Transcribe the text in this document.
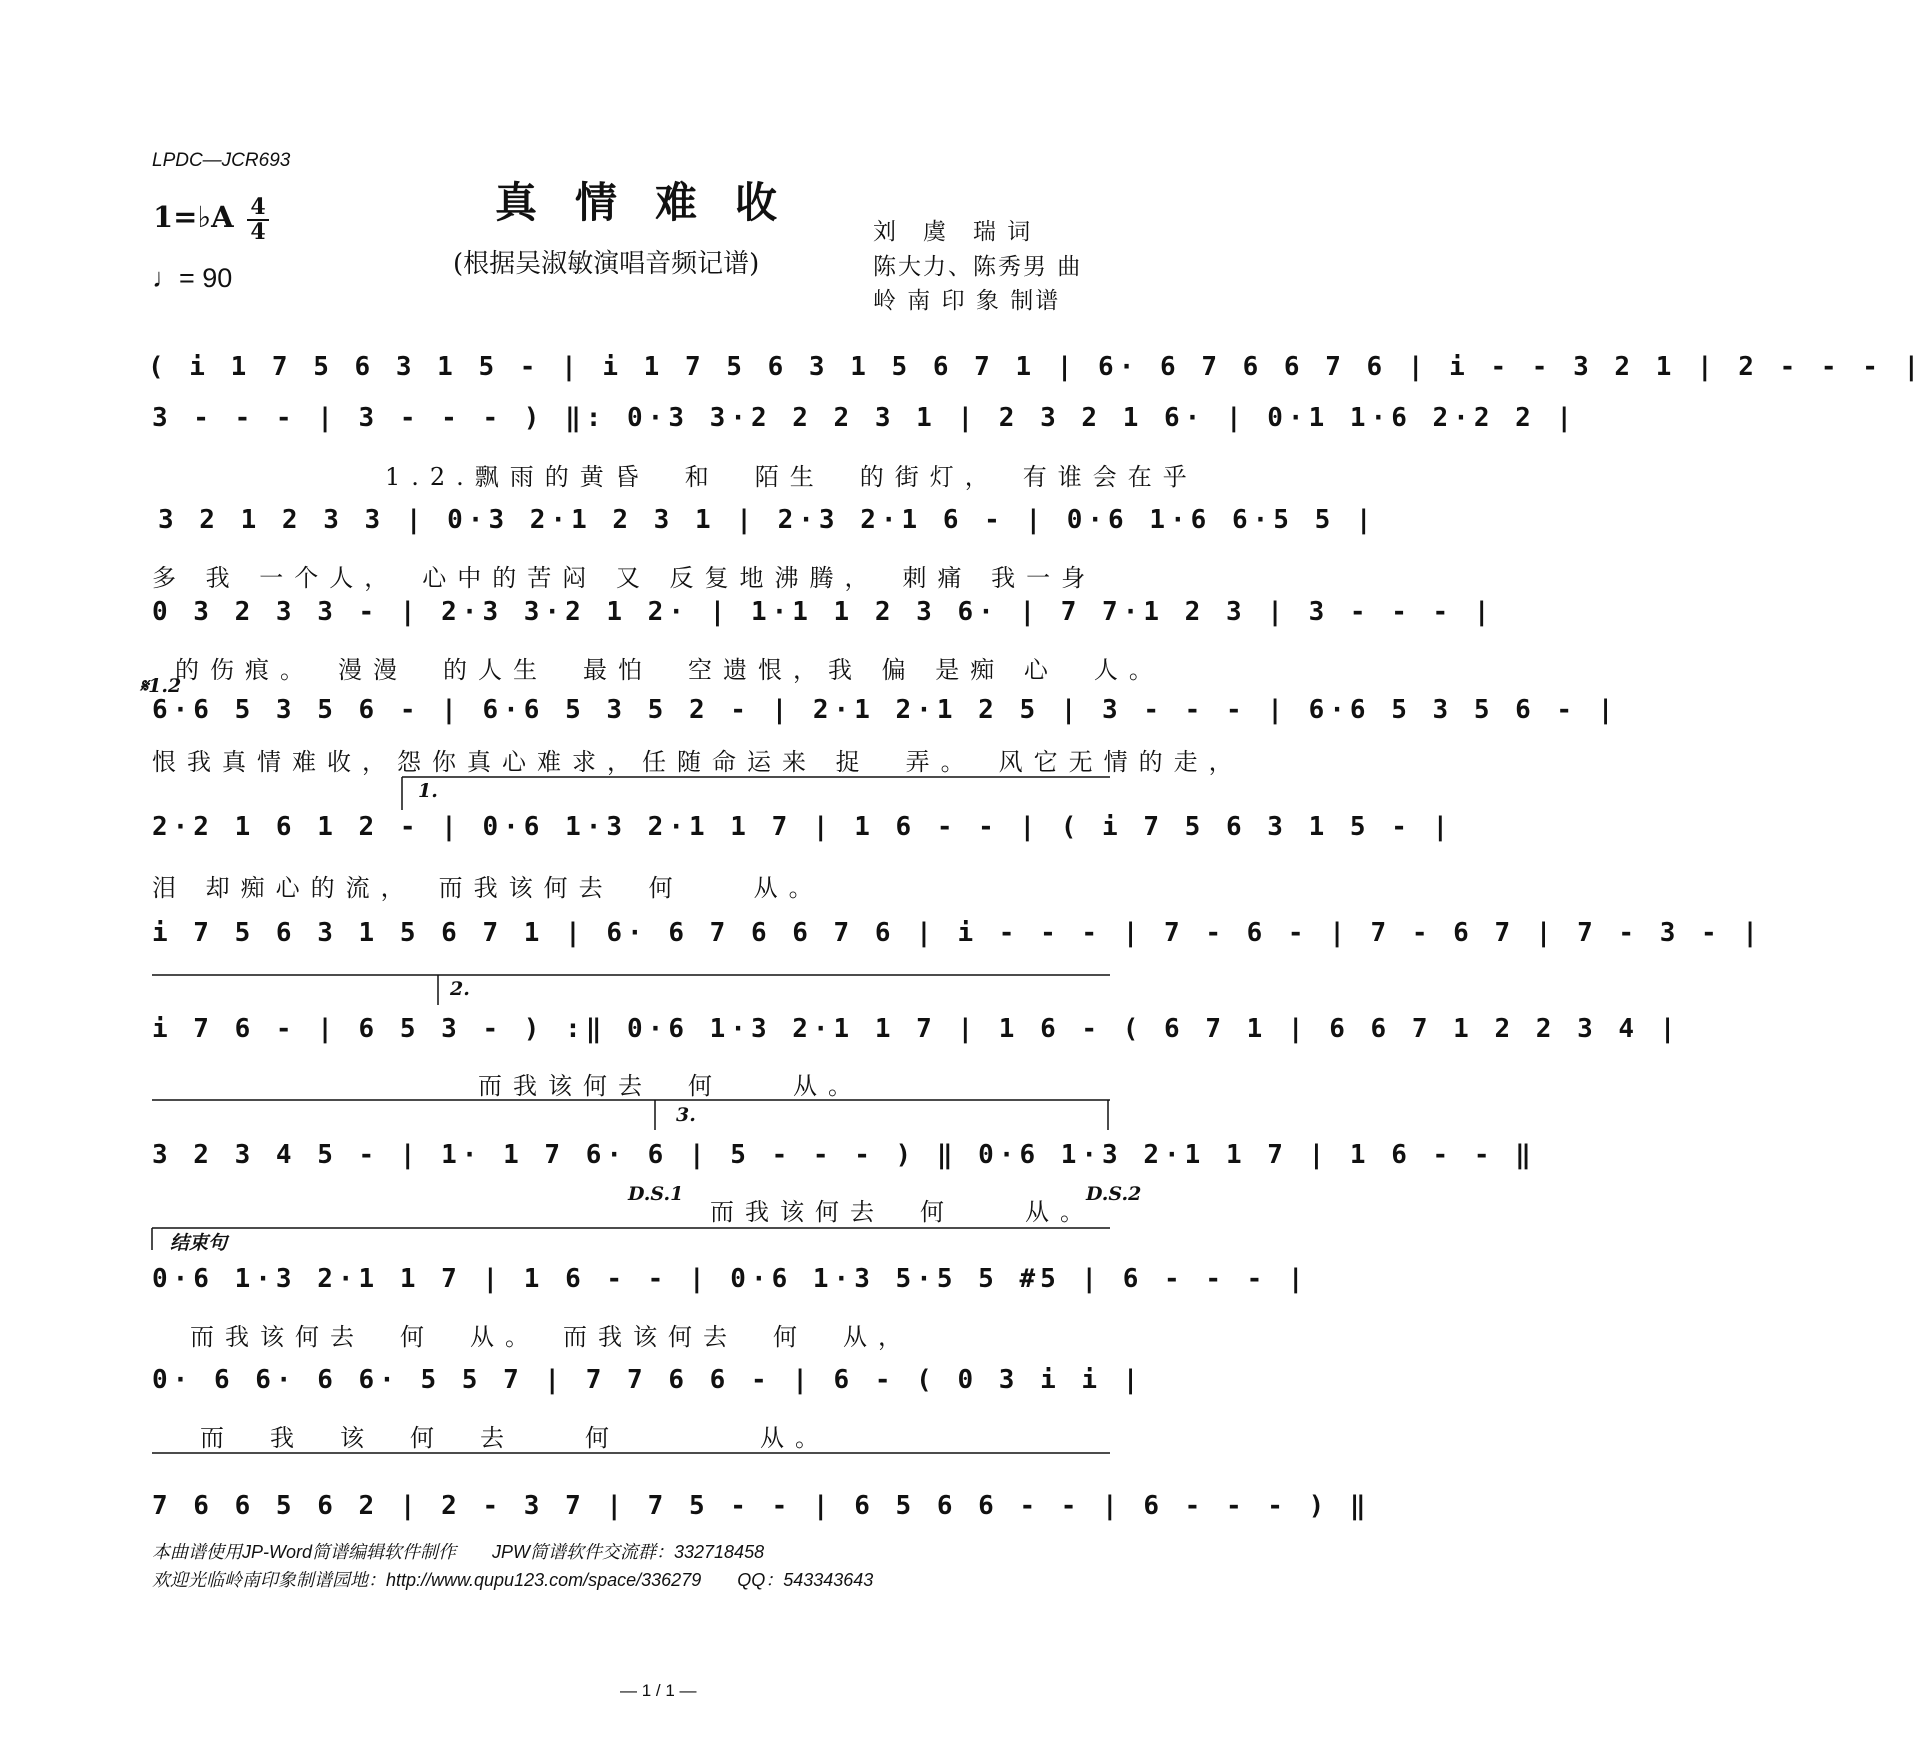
LPDC—JCR693
1=♭A 4
4
♩= 90
真情难收
(根据吴淑敏演唱音频记谱)
刘　虞　瑞 词
陈大力、陈秀男 曲
岭 南 印 象 制谱
( i 1 7 5 6 3 1 5 - | i 1 7 5 6 3 1 5 6 7 1 | 6· 6 7 6 6 7 6 | i - - 3 2 1 | 2 - - - |
3 - - - | 3 - - - ) ‖: 0·3 3·2 2 2 3 1 | 2 3 2 1 6· | 0·1 1·6 2·2 2 |
1.2.飘雨的黄昏　和　陌生　的街灯，　有谁会在乎
3 2 1 2 3 3 | 0·3 2·1 2 3 1 | 2·3 2·1 6 - | 0·6 1·6 6·5 5 |
多 我 一个人，　心中的苦闷 又 反复地沸腾，　刺痛 我一身
0 3 2 3 3 - | 2·3 3·2 1 2· | 1·1 1 2 3 6· | 7 7·1 2 3 | 3 - - - |
的伤痕。　漫漫　的人生　最怕　空遗恨，我 偏 是痴 心　人。
𝄋1.2
6·6 5 3 5 6 - | 6·6 5 3 5 2 - | 2·1 2·1 2 5 | 3 - - - | 6·6 5 3 5 6 - |
恨我真情难收，怨你真心难求，任随命运来 捉　弄。　风它无情的走，
1.
2·2 1 6 1 2 - | 0·6 1·3 2·1 1 7 | 1 6 - - | ( i 7 5 6 3 1 5 - |
泪 却痴心的流，　而我该何去　何　　从。
i 7 5 6 3 1 5 6 7 1 | 6· 6 7 6 6 7 6 | i - - - | 7 - 6 - | 7 - 6 7 | 7 - 3 - |
2.
i 7 6 - | 6 5 3 - ) :‖ 0·6 1·3 2·1 1 7 | 1 6 - ( 6 7 1 | 6 6 7 1 2 2 3 4 |
而我该何去　何　　从。
3.
3 2 3 4 5 - | 1· 1 7 6· 6 | 5 - - - ) ‖ 0·6 1·3 2·1 1 7 | 1 6 - - ‖
D.S.1	D.S.2
而我该何去　何　　从。
结束句
0·6 1·3 2·1 1 7 | 1 6 - - | 0·6 1·3 5·5 5 #5 | 6 - - - |
而我该何去　何　从。　而我该何去　何　从，
0· 6 6· 6 6· 5 5 7 | 7 7 6 6 - | 6 - ( 0 3 i i |
而　我　该　何　去　　何　　　　从。
7 6 6 5 6 2 | 2 - 3 7 | 7 5 - - | 6 5 6 6 - - | 6 - - - ) ‖
本曲谱使用JP-Word简谱编辑软件制作　　JPW简谱软件交流群：332718458
欢迎光临岭南印象制谱园地：http://www.qupu123.com/space/336279　　QQ：543343643
— 1 / 1 —
